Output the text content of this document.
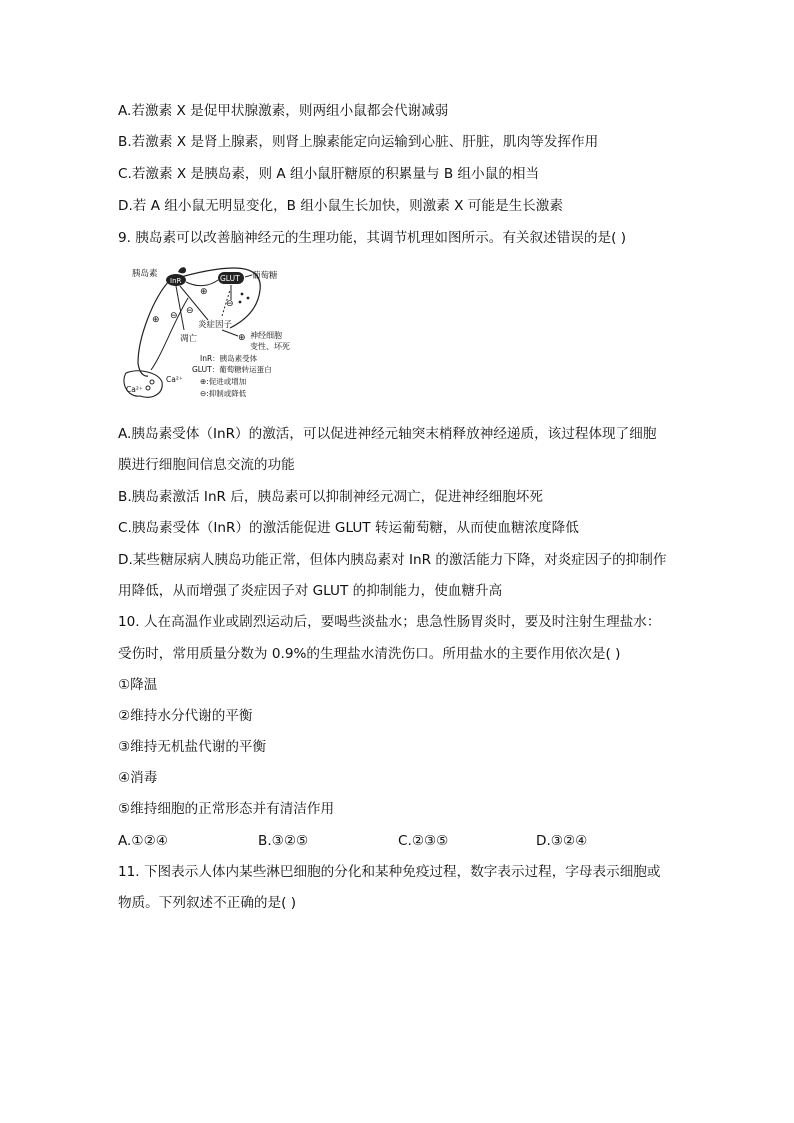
A.若激素 X 是促甲状腺激素，则两组小鼠都会代谢减弱
B.若激素 X 是肾上腺素，则肾上腺素能定向运输到心脏、肝脏，肌肉等发挥作用
C.若激素 X 是胰岛素，则 A 组小鼠肝糖原的积累量与 B 组小鼠的相当
D.若 A 组小鼠无明显变化，B 组小鼠生长加快，则激素 X 可能是生长激素
9. 胰岛素可以改善脑神经元的生理功能，其调节机理如图所示。有关叙述错误的是( )
InR
胰岛素	GLUT 葡萄糖
⊕
⊖
⊖
炎症因子
凋亡
⊖
⊕ 神经细胞
变性、坏死
⊕
Ca²⁺
Ca²⁺
InR：胰岛素受体
GLUT：葡萄糖转运蛋白
⊕:促进或增加
⊖:抑制或降低
A.胰岛素受体（InR）的激活，可以促进神经元轴突末梢释放神经递质，该过程体现了细胞
膜进行细胞间信息交流的功能
B.胰岛素激活 InR 后，胰岛素可以抑制神经元凋亡，促进神经细胞坏死
C.胰岛素受体（InR）的激活能促进 GLUT 转运葡萄糖，从而使血糖浓度降低
D.某些糖尿病人胰岛功能正常，但体内胰岛素对 InR 的激活能力下降，对炎症因子的抑制作
用降低，从而增强了炎症因子对 GLUT 的抑制能力，使血糖升高
10. 人在高温作业或剧烈运动后，要喝些淡盐水；患急性肠胃炎时，要及时注射生理盐水：
受伤时，常用质量分数为 0.9%的生理盐水清洗伤口。所用盐水的主要作用依次是( )
①降温
②维持水分代谢的平衡
③维持无机盐代谢的平衡
④消毒
⑤维持细胞的正常形态并有清洁作用
A.①②④	B.③②⑤	C.②③⑤	D.③②④
11. 下图表示人体内某些淋巴细胞的分化和某种免疫过程，数字表示过程，字母表示细胞或
物质。下列叙述不正确的是( )
